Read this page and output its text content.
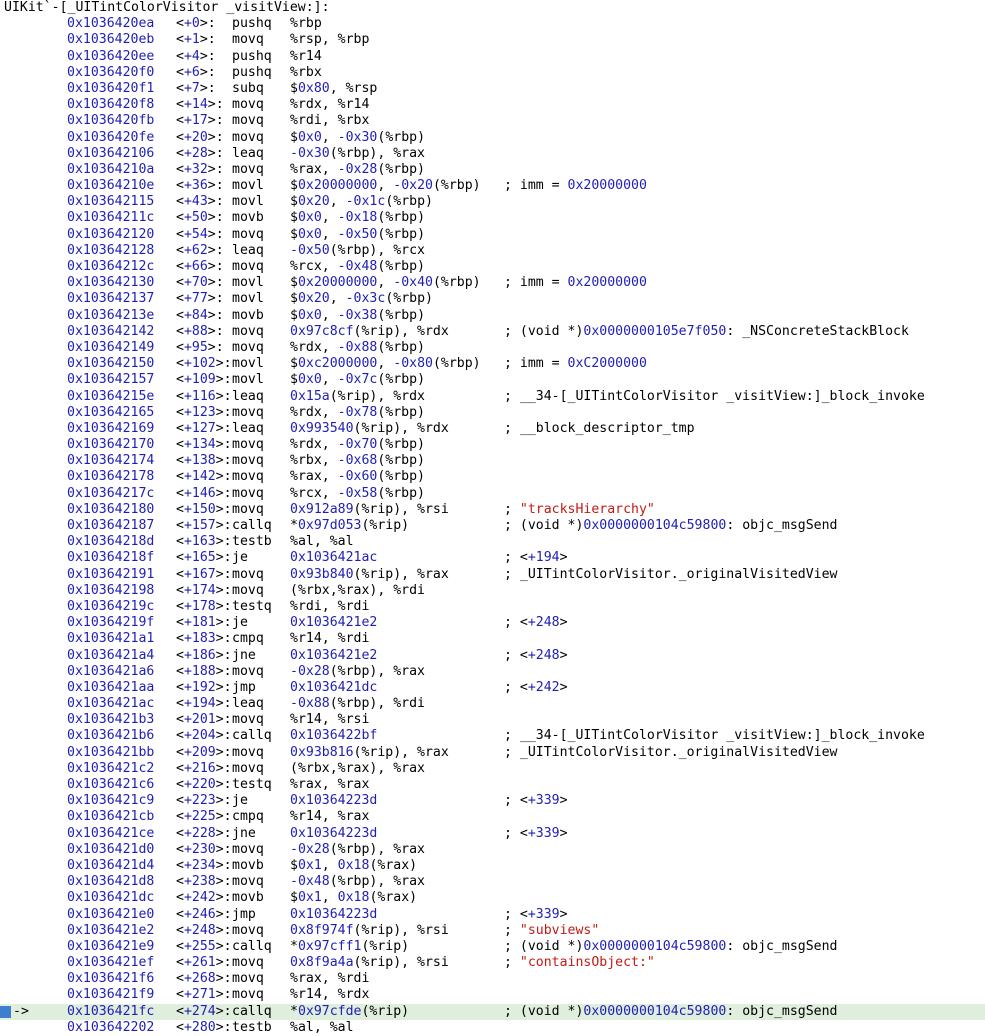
UIKit`-[_UITintColorVisitor _visitView:]:
0x1036420ea <+0>: pushq %rbp
0x1036420eb <+1>: movq %rsp, %rbp
0x1036420ee <+4>: pushq %r14
0x1036420f0 <+6>: pushq %rbx
0x1036420f1 <+7>: subq $0x80, %rsp
0x1036420f8 <+14>: movq %rdx, %r14
0x1036420fb <+17>: movq %rdi, %rbx
0x1036420fe <+20>: movq $0x0, -0x30(%rbp)
0x103642106 <+28>: leaq -0x30(%rbp), %rax
0x10364210a <+32>: movq %rax, -0x28(%rbp)
0x10364210e <+36>: movl $0x20000000, -0x20(%rbp) ; imm = 0x20000000
0x103642115 <+43>: movl $0x20, -0x1c(%rbp)
0x10364211c <+50>: movb $0x0, -0x18(%rbp)
0x103642120 <+54>: movq $0x0, -0x50(%rbp)
0x103642128 <+62>: leaq -0x50(%rbp), %rcx
0x10364212c <+66>: movq %rcx, -0x48(%rbp)
0x103642130 <+70>: movl $0x20000000, -0x40(%rbp) ; imm = 0x20000000
0x103642137 <+77>: movl $0x20, -0x3c(%rbp)
0x10364213e <+84>: movb $0x0, -0x38(%rbp)
0x103642142 <+88>: movq 0x97c8cf(%rip), %rdx	; (void *)0x0000000105e7f050: _NSConcreteStackBlock
0x103642149 <+95>: movq %rdx, -0x88(%rbp)
0x103642150 <+102>: movl $0xc2000000, -0x80(%rbp) ; imm = 0xC2000000
0x103642157 <+109>: movl $0x0, -0x7c(%rbp)
0x10364215e <+116>: leaq 0x15a(%rip), %rdx	; __34-[_UITintColorVisitor _visitView:]_block_invoke
0x103642165 <+123>: movq %rdx, -0x78(%rbp)
0x103642169 <+127>: leaq 0x993540(%rip), %rdx	; __block_descriptor_tmp
0x103642170 <+134>: movq %rdx, -0x70(%rbp)
0x103642174 <+138>: movq %rbx, -0x68(%rbp)
0x103642178 <+142>: movq %rax, -0x60(%rbp)
0x10364217c <+146>: movq %rcx, -0x58(%rbp)
0x103642180 <+150>: movq 0x912a89(%rip), %rsi	; "tracksHierarchy"
0x103642187 <+157>: callq *0x97d053(%rip)	; (void *)0x0000000104c59800: objc_msgSend
0x10364218d <+163>: testb %al, %al
0x10364218f <+165>: je	0x1036421ac	; <+194>
0x103642191 <+167>: movq 0x93b840(%rip), %rax	; _UITintColorVisitor._originalVisitedView
0x103642198 <+174>: movq (%rbx,%rax), %rdi
0x10364219c <+178>: testq %rdi, %rdi
0x10364219f <+181>: je	0x1036421e2	; <+248>
0x1036421a1 <+183>: cmpq %r14, %rdi
0x1036421a4 <+186>: jne	0x1036421e2	; <+248>
0x1036421a6 <+188>: movq -0x28(%rbp), %rax
0x1036421aa <+192>: jmp	0x1036421dc	; <+242>
0x1036421ac <+194>: leaq -0x88(%rbp), %rdi
0x1036421b3 <+201>: movq %r14, %rsi
0x1036421b6 <+204>: callq 0x1036422bf	; __34-[_UITintColorVisitor _visitView:]_block_invoke
0x1036421bb <+209>: movq 0x93b816(%rip), %rax	; _UITintColorVisitor._originalVisitedView
0x1036421c2 <+216>: movq (%rbx,%rax), %rax
0x1036421c6 <+220>: testq %rax, %rax
0x1036421c9 <+223>: je	0x10364223d	; <+339>
0x1036421cb <+225>: cmpq %r14, %rax
0x1036421ce <+228>: jne	0x10364223d	; <+339>
0x1036421d0 <+230>: movq -0x28(%rbp), %rax
0x1036421d4 <+234>: movb $0x1, 0x18(%rax)
0x1036421d8 <+238>: movq -0x48(%rbp), %rax
0x1036421dc <+242>: movb $0x1, 0x18(%rax)
0x1036421e0 <+246>: jmp	0x10364223d	; <+339>
0x1036421e2 <+248>: movq 0x8f974f(%rip), %rsi	; "subviews"
0x1036421e9 <+255>: callq *0x97cff1(%rip)	; (void *)0x0000000104c59800: objc_msgSend
0x1036421ef <+261>: movq 0x8f9a4a(%rip), %rsi	; "containsObject:"
0x1036421f6 <+268>: movq %rax, %rdi
0x1036421f9 <+271>: movq %r14, %rdx
->	0x1036421fc <+274>: callq *0x97cfde(%rip)	; (void *)0x0000000104c59800: objc_msgSend
0x103642202 <+280>: testb %al, %al
